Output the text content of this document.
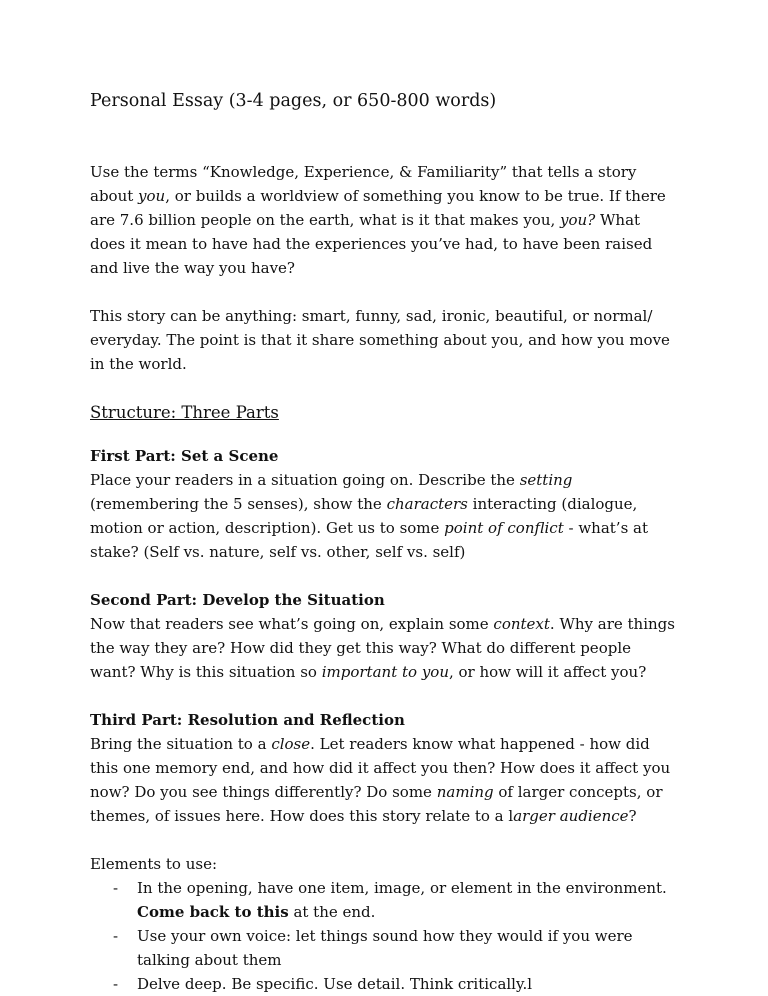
Personal Essay (3-4 pages, or 650-800 words)

Use the terms “Knowledge, Experience, & Familiarity” that tells a story about you, or builds a worldview of something you know to be true. If there are 7.6 billion people on the earth, what is it that makes you, you? What does it mean to have had the experiences you’ve had, to have been raised and live the way you have?

This story can be anything: smart, funny, sad, ironic, beautiful, or normal/ everyday. The point is that it share something about you, and how you move in the world.

Structure: Three Parts

First Part: Set a Scene

Place your readers in a situation going on. Describe the setting (remembering the 5 senses), show the characters interacting (dialogue, motion or action, description). Get us to some point of conflict - what’s at stake? (Self vs. nature, self vs. other, self vs. self)

Second Part: Develop the Situation

Now that readers see what’s going on, explain some context. Why are things the way they are? How did they get this way? What do different people want? Why is this situation so important to you, or how will it affect you?

Third Part: Resolution and Reflection

Bring the situation to a close. Let readers know what happened - how did this one memory end, and how did it affect you then? How does it affect you now? Do you see things differently? Do some naming of larger concepts, or themes, of issues here. How does this story relate to a larger audience?

Elements to use:

- In the opening, have one item, image, or element in the environment. Come back to this at the end.
- Use your own voice: let things sound how they would if you were talking about them
- Delve deep. Be specific. Use detail. Think critically.l
